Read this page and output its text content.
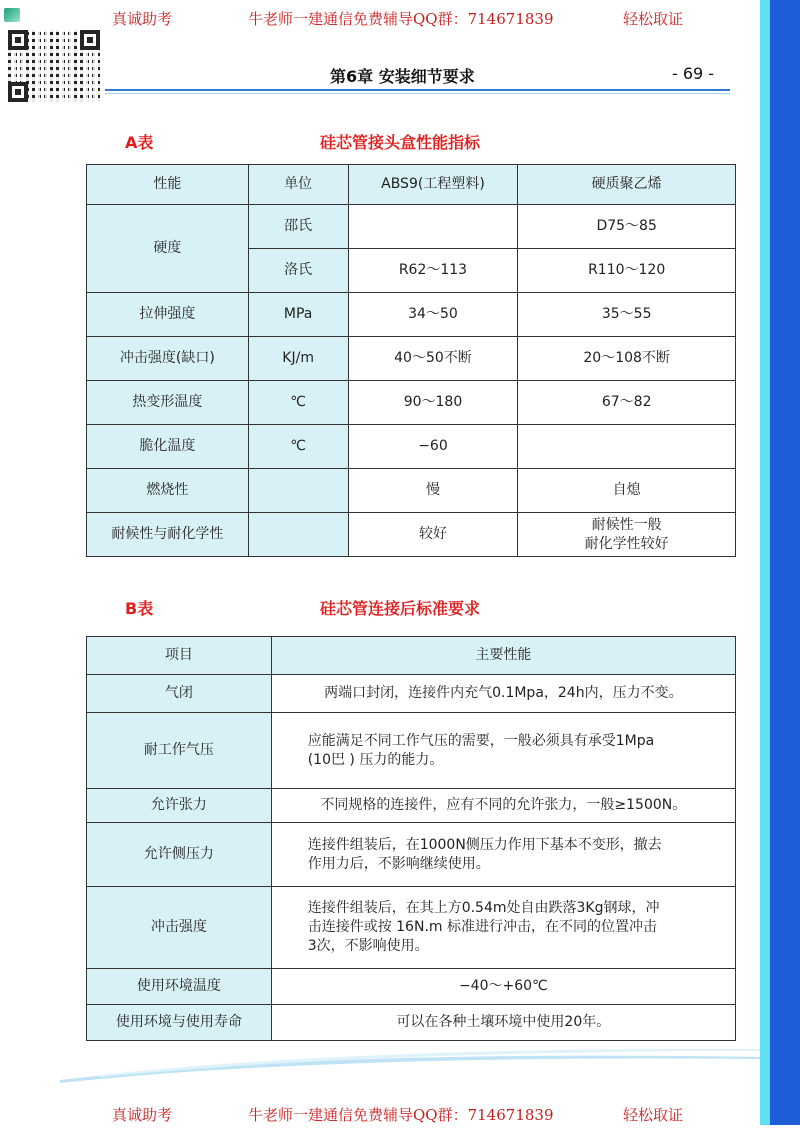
真诚助考	牛老师一建通信免费辅导QQ群：714671839	轻松取证
第6章 安装细节要求	- 69 -
A表	硅芯管接头盒性能指标
性能	单位	ABS9(工程塑料)	硬质聚乙烯
硬度	邵氏		D75～85
	洛氏	R62～113	R110～120
拉伸强度	MPa	34～50	35～55
冲击强度(缺口)	KJ/m	40～50不断	20～108不断
热变形温度	℃	90～180	67～82
脆化温度	℃	−60	
燃烧性		慢	自熄
耐候性与耐化学性		较好	耐候性一般
耐化学性较好
B表	硅芯管连接后标准要求
项目	主要性能
气闭	两端口封闭，连接件内充气0.1Mpa，24h内，压力不变。

耐工作气压	应能满足不同工作气压的需要，一般必须具有承受1Mpa
(10巴 ) 压力的能力。

允许张力	不同规格的连接件，应有不同的允许张力，一般≥1500N。

允许侧压力	连接件组装后，在1000N侧压力作用下基本不变形，撤去
作用力后，不影响继续使用。

冲击强度	连接件组装后，在其上方0.54m处自由跌落3Kg钢球，冲
击连接件或按 16N.m 标准进行冲击，在不同的位置冲击
3次，不影响使用。

使用环境温度	−40～+60℃

使用环境与使用寿命	可以在各种土壤环境中使用20年。
真诚助考	牛老师一建通信免费辅导QQ群：714671839	轻松取证
